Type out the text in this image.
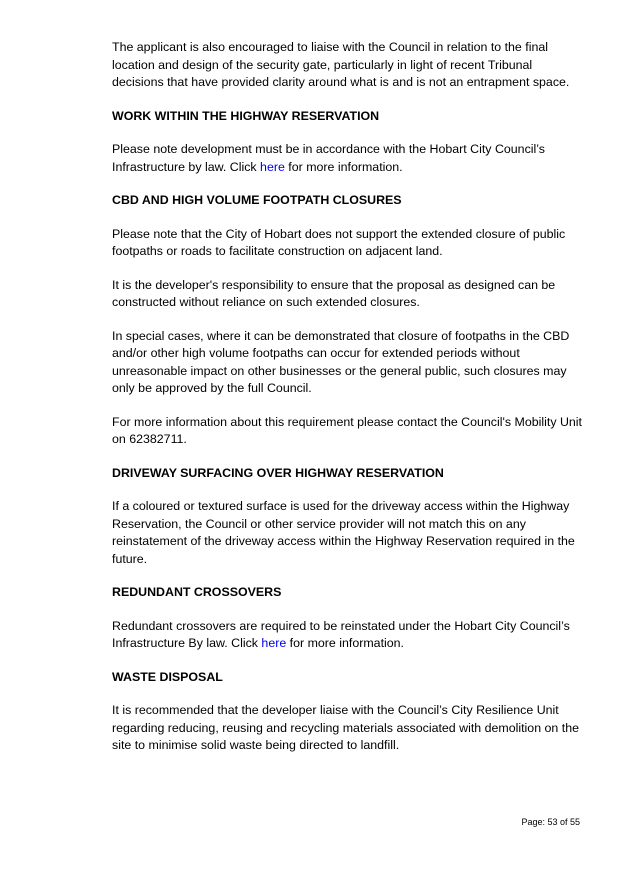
The applicant is also encouraged to liaise with the Council in relation to the final location and design of the security gate, particularly in light of recent Tribunal decisions that have provided clarity around what is and is not an entrapment space.

WORK WITHIN THE HIGHWAY RESERVATION

Please note development must be in accordance with the Hobart City Council’s Infrastructure by law. Click here for more information.

CBD AND HIGH VOLUME FOOTPATH CLOSURES

Please note that the City of Hobart does not support the extended closure of public footpaths or roads to facilitate construction on adjacent land.

It is the developer's responsibility to ensure that the proposal as designed can be constructed without reliance on such extended closures.

In special cases, where it can be demonstrated that closure of footpaths in the CBD and/or other high volume footpaths can occur for extended periods without unreasonable impact on other businesses or the general public, such closures may only be approved by the full Council.

For more information about this requirement please contact the Council's Mobility Unit on 62382711.

DRIVEWAY SURFACING OVER HIGHWAY RESERVATION

If a coloured or textured surface is used for the driveway access within the Highway Reservation, the Council or other service provider will not match this on any reinstatement of the driveway access within the Highway Reservation required in the future.

REDUNDANT CROSSOVERS

Redundant crossovers are required to be reinstated under the Hobart City Council’s Infrastructure By law. Click here for more information.

WASTE DISPOSAL

It is recommended that the developer liaise with the Council’s City Resilience Unit regarding reducing, reusing and recycling materials associated with demolition on the site to minimise solid waste being directed to landfill.

Page: 53 of 55
